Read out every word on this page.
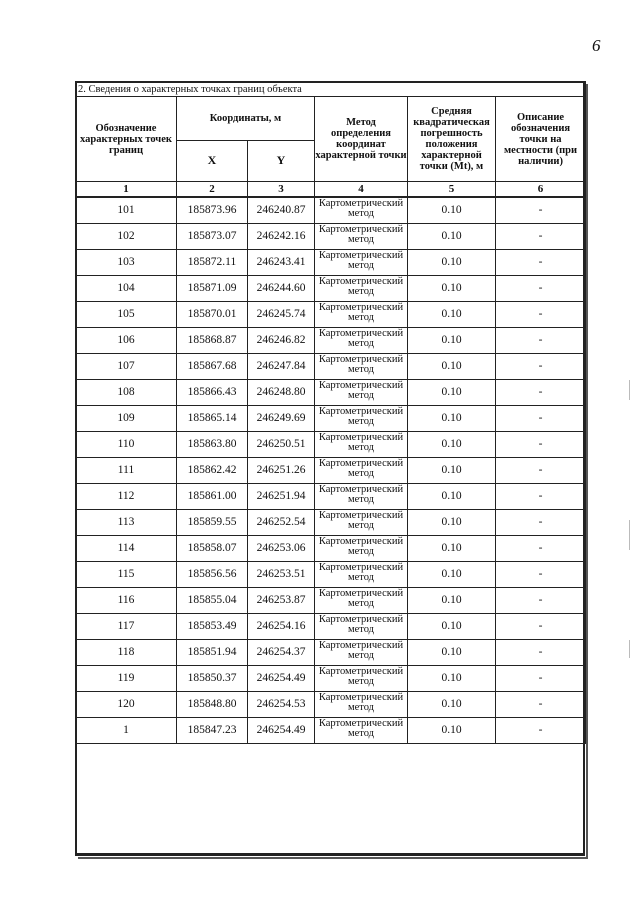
6
2. Сведения о характерных точках границ объекта					
Обозначение характерных точек границ	Координаты, м		Метод определения координат характерной точки	Средняя квадратическая погрешность положения характерной точки (Mt), м	Описание обозначения точки на местности (при наличии)
	X	Y			
1	2	3	4	5	6
101	185873.96	246240.87	Картометрический метод	0.10	-
102	185873.07	246242.16	Картометрический метод	0.10	-
103	185872.11	246243.41	Картометрический метод	0.10	-
104	185871.09	246244.60	Картометрический метод	0.10	-
105	185870.01	246245.74	Картометрический метод	0.10	-
106	185868.87	246246.82	Картометрический метод	0.10	-
107	185867.68	246247.84	Картометрический метод	0.10	-
108	185866.43	246248.80	Картометрический метод	0.10	-
109	185865.14	246249.69	Картометрический метод	0.10	-
110	185863.80	246250.51	Картометрический метод	0.10	-
111	185862.42	246251.26	Картометрический метод	0.10	-
112	185861.00	246251.94	Картометрический метод	0.10	-
113	185859.55	246252.54	Картометрический метод	0.10	-
114	185858.07	246253.06	Картометрический метод	0.10	-
115	185856.56	246253.51	Картометрический метод	0.10	-
116	185855.04	246253.87	Картометрический метод	0.10	-
117	185853.49	246254.16	Картометрический метод	0.10	-
118	185851.94	246254.37	Картометрический метод	0.10	-
119	185850.37	246254.49	Картометрический метод	0.10	-
120	185848.80	246254.53	Картометрический метод	0.10	-
1	185847.23	246254.49	Картометрический метод	0.10	-
